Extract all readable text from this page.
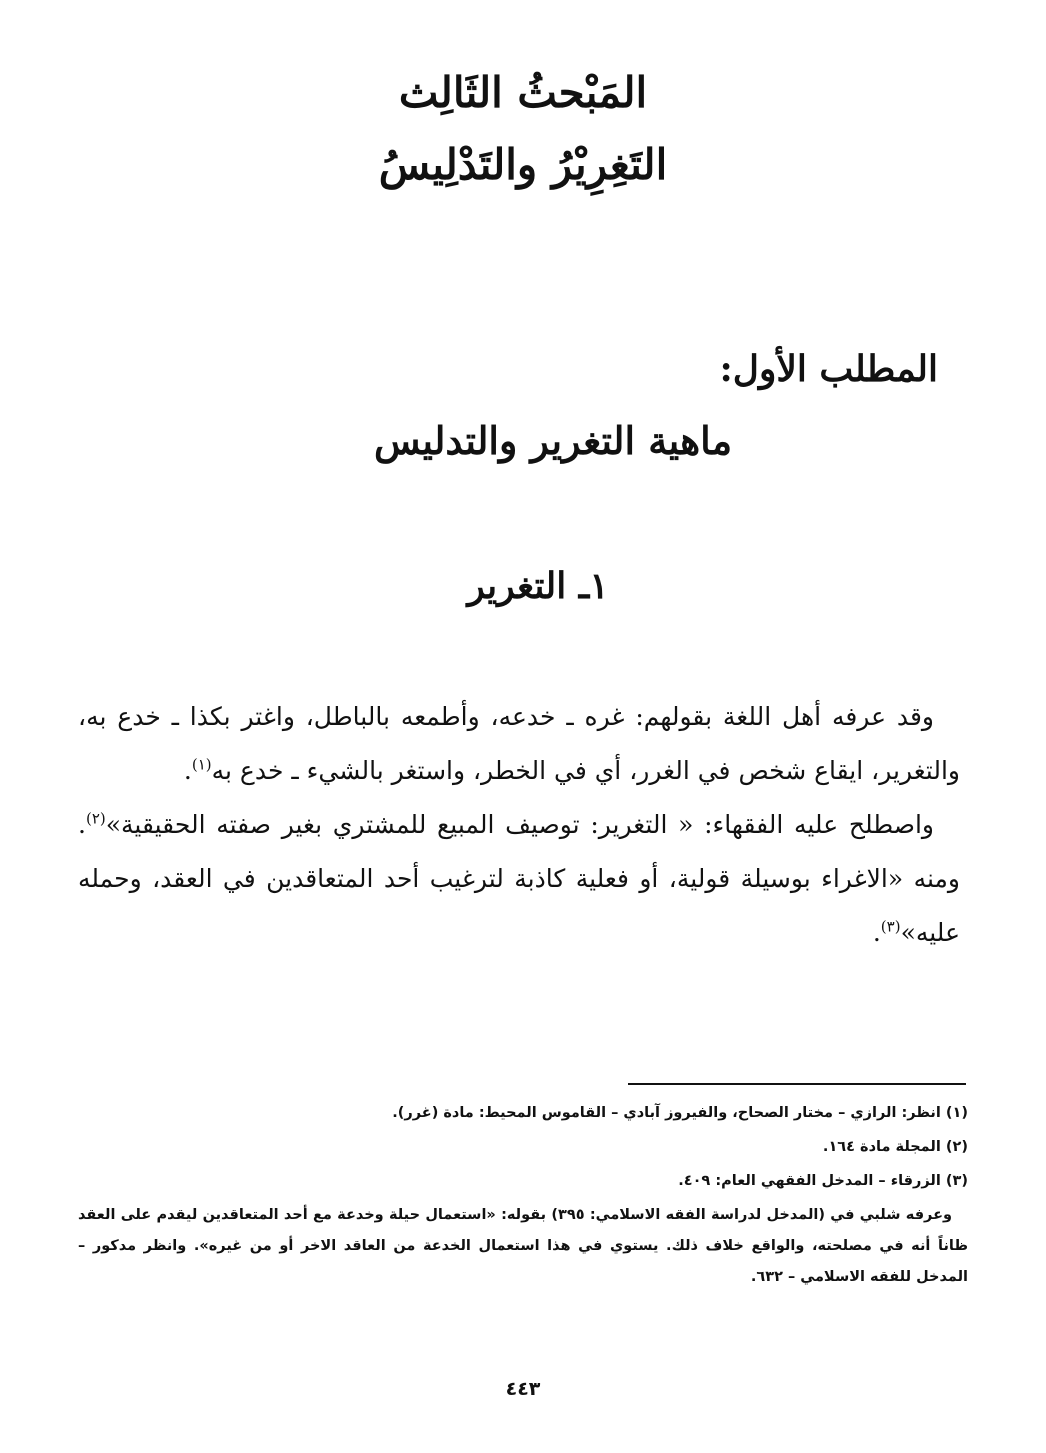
المَبْحثُ الثَالِث
التَغِرِيْرُ والتَدْلِيسُ
المطلب الأول:
ماهية التغرير والتدليس
١ـ التغرير

وقد عرفه أهل اللغة بقولهم: غره ـ خدعه، وأطمعه بالباطل، واغتر بكذا ـ خدع به، والتغرير، ايقاع شخص في الغرر، أي في الخطر، واستغر بالشيء ـ خدع به$^{(١)}$.

واصطلح عليه الفقهاء: « التغرير: توصيف المبيع للمشتري بغير صفته الحقيقية»$^{(٢)}$. ومنه «الاغراء بوسيلة قولية، أو فعلية كاذبة لترغيب أحد المتعاقدين في العقد، وحمله عليه»$^{(٣)}$.

(١) انظر: الرازي – مختار الصحاح، والفيروز آبادي – القاموس المحيط: مادة (غرر).

(٢) المجلة مادة ١٦٤.

(٣) الزرقاء – المدخل الفقهي العام: ٤٠٩.

وعرفه شلبي في (المدخل لدراسة الفقه الاسلامي: ٣٩٥) بقوله: «استعمال حيلة وخدعة مع أحد المتعاقدين ليقدم على العقد ظاناً أنه في مصلحته، والواقع خلاف ذلك. يستوي في هذا استعمال الخدعة من العاقد الاخر أو من غيره». وانظر مدكور – المدخل للفقه الاسلامي – ٦٣٢.

٤٤٣
